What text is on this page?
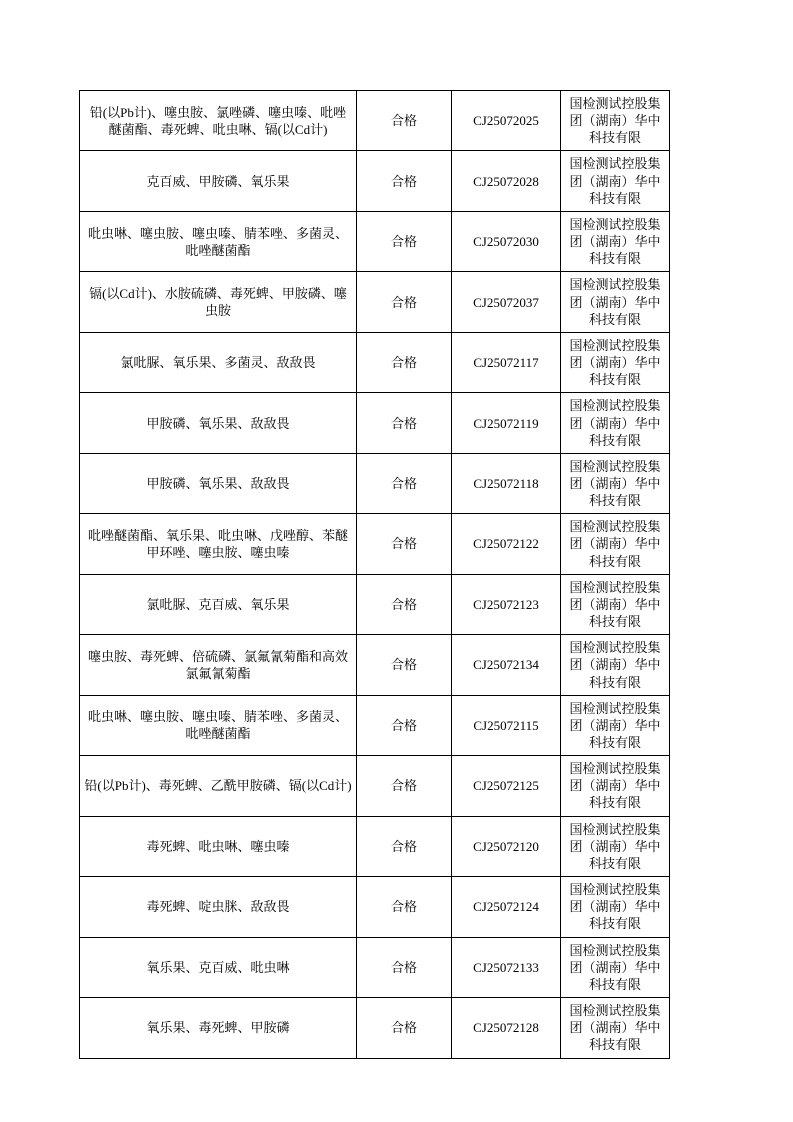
铅(以Pb计)、噻虫胺、氯唑磷、噻虫嗪、吡唑醚菌酯、毒死蜱、吡虫啉、镉(以Cd计)	合格	CJ25072025	国检测试控股集团（湖南）华中科技有限
克百威、甲胺磷、氧乐果	合格	CJ25072028	国检测试控股集团（湖南）华中科技有限
吡虫啉、噻虫胺、噻虫嗪、腈苯唑、多菌灵、吡唑醚菌酯	合格	CJ25072030	国检测试控股集团（湖南）华中科技有限
镉(以Cd计)、水胺硫磷、毒死蜱、甲胺磷、噻虫胺	合格	CJ25072037	国检测试控股集团（湖南）华中科技有限
氯吡脲、氧乐果、多菌灵、敌敌畏	合格	CJ25072117	国检测试控股集团（湖南）华中科技有限
甲胺磷、氧乐果、敌敌畏	合格	CJ25072119	国检测试控股集团（湖南）华中科技有限
甲胺磷、氧乐果、敌敌畏	合格	CJ25072118	国检测试控股集团（湖南）华中科技有限
吡唑醚菌酯、氧乐果、吡虫啉、戊唑醇、苯醚甲环唑、噻虫胺、噻虫嗪	合格	CJ25072122	国检测试控股集团（湖南）华中科技有限
氯吡脲、克百威、氧乐果	合格	CJ25072123	国检测试控股集团（湖南）华中科技有限
噻虫胺、毒死蜱、倍硫磷、氯氟氰菊酯和高效氯氟氰菊酯	合格	CJ25072134	国检测试控股集团（湖南）华中科技有限
吡虫啉、噻虫胺、噻虫嗪、腈苯唑、多菌灵、吡唑醚菌酯	合格	CJ25072115	国检测试控股集团（湖南）华中科技有限
铅(以Pb计)、毒死蜱、乙酰甲胺磷、镉(以Cd计)	合格	CJ25072125	国检测试控股集团（湖南）华中科技有限
毒死蜱、吡虫啉、噻虫嗪	合格	CJ25072120	国检测试控股集团（湖南）华中科技有限
毒死蜱、啶虫脒、敌敌畏	合格	CJ25072124	国检测试控股集团（湖南）华中科技有限
氧乐果、克百威、吡虫啉	合格	CJ25072133	国检测试控股集团（湖南）华中科技有限
氧乐果、毒死蜱、甲胺磷	合格	CJ25072128	国检测试控股集团（湖南）华中科技有限
